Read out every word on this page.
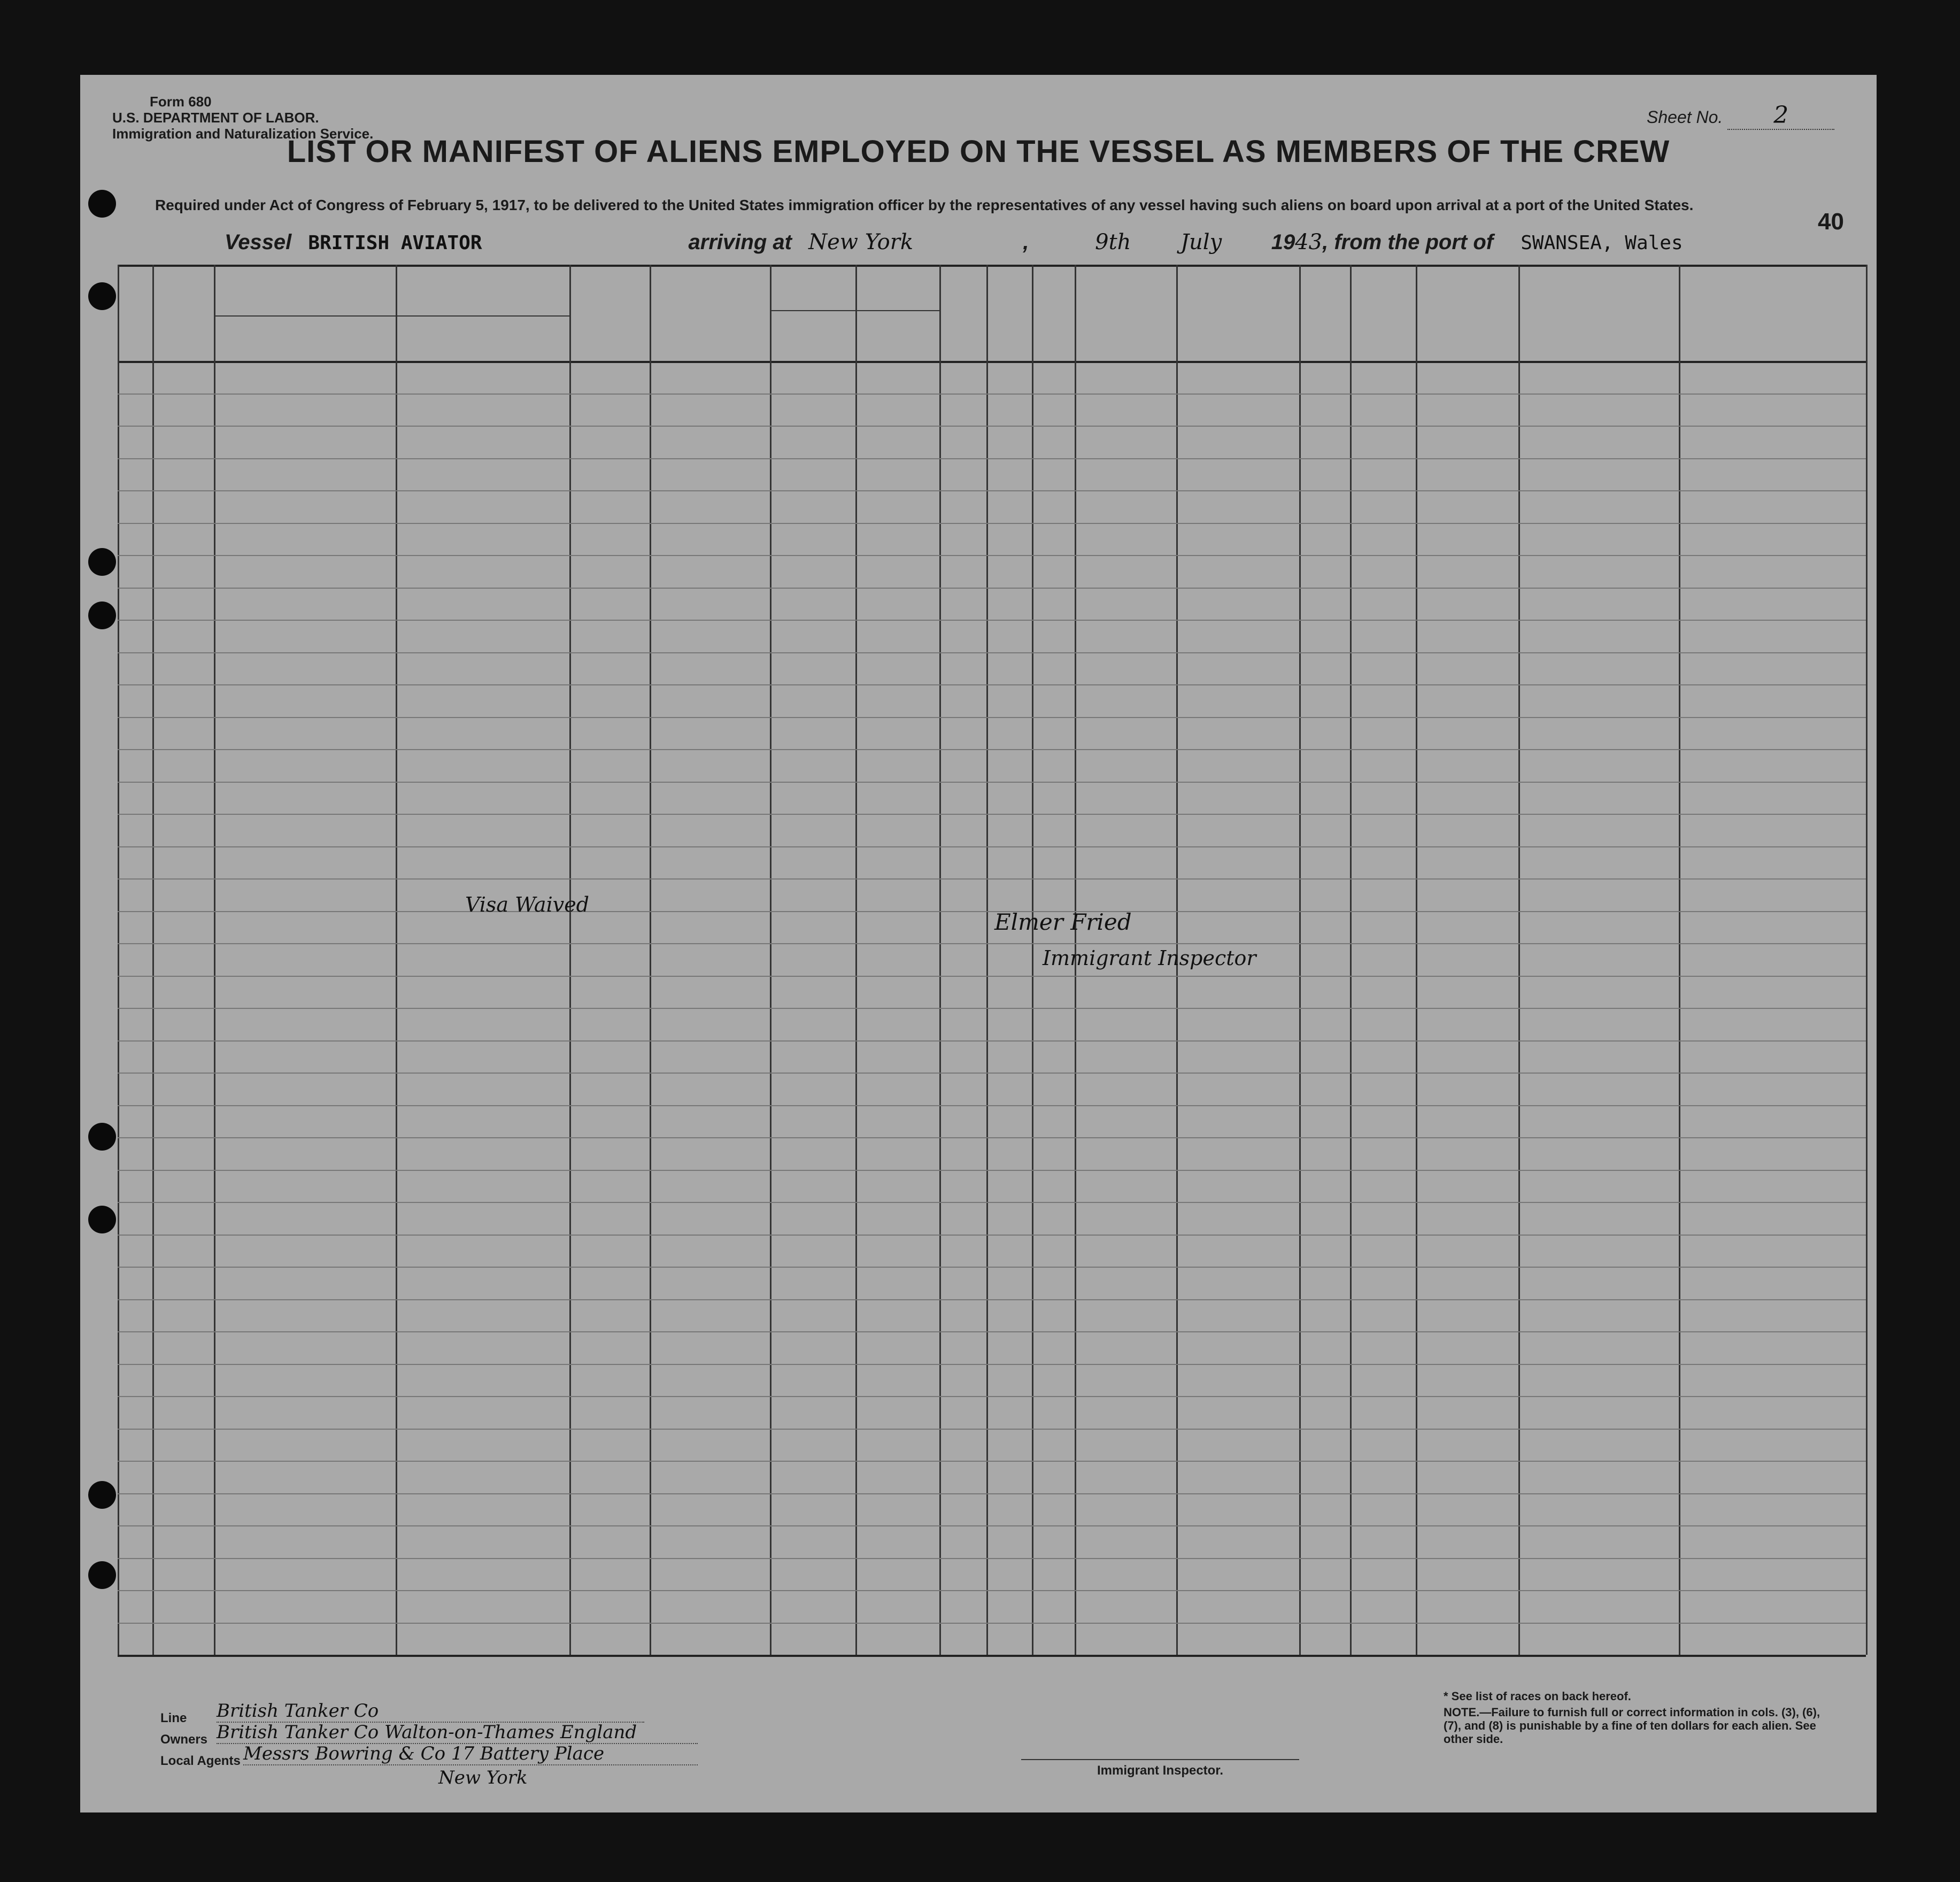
Form 680
U.S. DEPARTMENT OF LABOR.
Immigration and Naturalization Service.
Sheet No. 2
LIST OR MANIFEST OF ALIENS EMPLOYED ON THE VESSEL AS MEMBERS OF THE CREW
Required under Act of Congress of February 5, 1917, to be delivered to the United States immigration officer by the representatives of any vessel having such aliens on board upon arrival at a port of the United States.
40
Vessel BRITISH AVIATOR	arriving at New York	,	9th July 1943, from the port of SWANSEA, Wales
Visa Waived
Elmer Fried
Immigrant Inspector
Line British Tanker Co
Owners British Tanker Co Walton-on-Thames England
Local Agents Messrs Bowring & Co 17 Battery Place
New York	Immigrant Inspector.
* See list of races on back hereof.
NOTE.—Failure to furnish full or correct information in cols. (3), (6), (7), and (8) is punishable by a fine of ten dollars for each alien. See other side.
